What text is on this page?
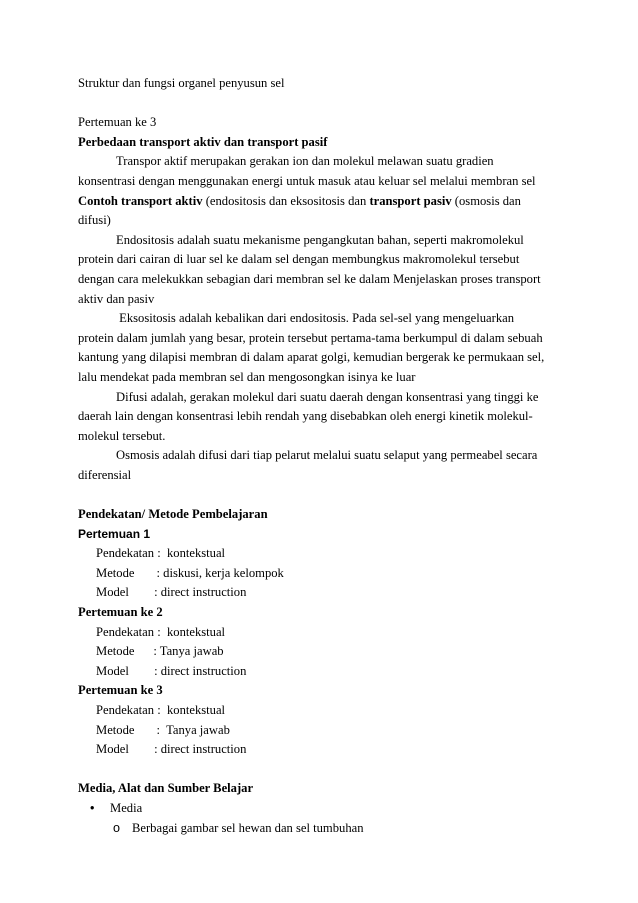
Struktur dan fungsi organel penyusun sel
Pertemuan ke 3
Perbedaan transport aktiv dan transport pasif
Transpor aktif merupakan gerakan ion dan molekul melawan suatu gradien
konsentrasi dengan menggunakan energi untuk masuk atau keluar sel melalui membran sel
Contoh transport aktiv (endositosis dan eksositosis dan transport pasiv (osmosis dan
difusi)
Endositosis adalah suatu mekanisme pengangkutan bahan, seperti makromolekul
protein dari cairan di luar sel ke dalam sel dengan membungkus makromolekul tersebut
dengan cara melekukkan sebagian dari membran sel ke dalam Menjelaskan proses transport
aktiv dan pasiv
Eksositosis adalah kebalikan dari endositosis. Pada sel-sel yang mengeluarkan
protein dalam jumlah yang besar, protein tersebut pertama-tama berkumpul di dalam sebuah
kantung yang dilapisi membran di dalam aparat golgi, kemudian bergerak ke permukaan sel,
lalu mendekat pada membran sel dan mengosongkan isinya ke luar
Difusi adalah, gerakan molekul dari suatu daerah dengan konsentrasi yang tinggi ke
daerah lain dengan konsentrasi lebih rendah yang disebabkan oleh energi kinetik molekul-
molekul tersebut.
Osmosis adalah difusi dari tiap pelarut melalui suatu selaput yang permeabel secara
diferensial
Pendekatan/ Metode Pembelajaran
Pertemuan 1
Pendekatan :  kontekstual
Metode       : diskusi, kerja kelompok
Model        : direct instruction
Pertemuan ke 2
Pendekatan :  kontekstual
Metode      : Tanya jawab
Model        : direct instruction
Pertemuan ke 3
Pendekatan :  kontekstual
Metode       :  Tanya jawab
Model        : direct instruction
Media, Alat dan Sumber Belajar
• Media
o Berbagai gambar sel hewan dan sel tumbuhan
